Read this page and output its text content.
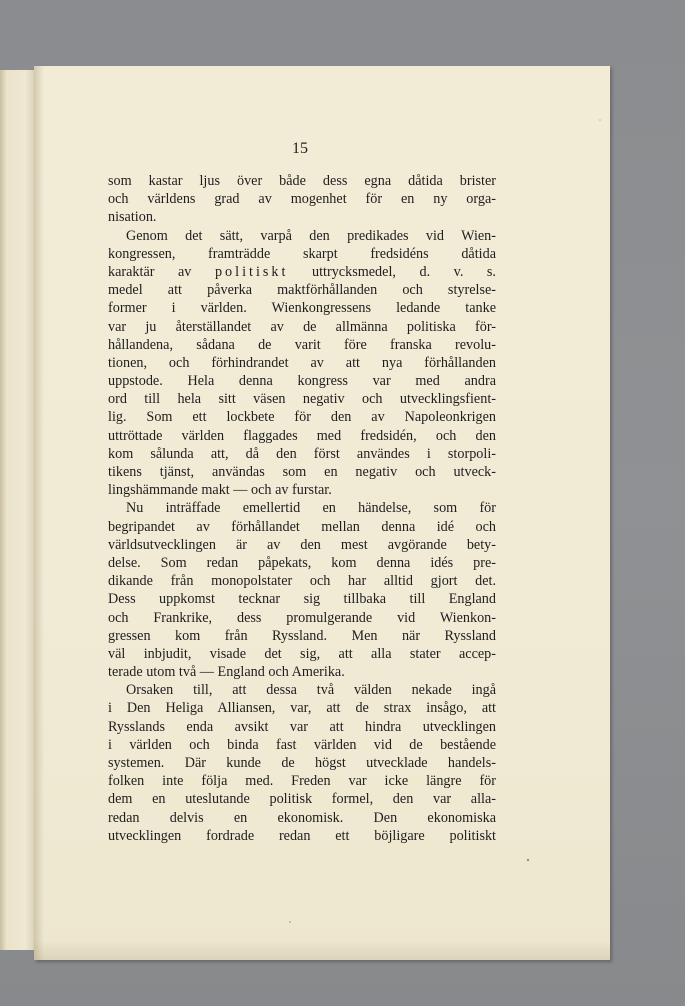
15
som kastar ljus över både dess egna dåtida brister
och världens grad av mogenhet för en ny orga-
nisation.
Genom det sätt, varpå den predikades vid Wien-
kongressen, framträdde skarpt fredsidéns dåtida
karaktär av politiskt uttrycksmedel, d. v. s.
medel att påverka maktförhållanden och styrelse-
former i världen. Wienkongressens ledande tanke
var ju återställandet av de allmänna politiska för-
hållandena, sådana de varit före franska revolu-
tionen, och förhindrandet av att nya förhållanden
uppstode. Hela denna kongress var med andra
ord till hela sitt väsen negativ och utvecklingsfient-
lig. Som ett lockbete för den av Napoleonkrigen
uttröttade världen flaggades med fredsidén, och den
kom sålunda att, då den först användes i storpoli-
tikens tjänst, användas som en negativ och utveck-
lingshämmande makt — och av furstar.
Nu inträffade emellertid en händelse, som för
begripandet av förhållandet mellan denna idé och
världsutvecklingen är av den mest avgörande bety-
delse. Som redan påpekats, kom denna idés pre-
dikande från monopolstater och har alltid gjort det.
Dess uppkomst tecknar sig tillbaka till England
och Frankrike, dess promulgerande vid Wienkon-
gressen kom från Ryssland. Men när Ryssland
väl inbjudit, visade det sig, att alla stater accep-
terade utom två — England och Amerika.
Orsaken till, att dessa två välden nekade ingå
i Den Heliga Alliansen, var, att de strax insågo, att
Rysslands enda avsikt var att hindra utvecklingen
i världen och binda fast världen vid de bestående
systemen. Där kunde de högst utvecklade handels-
folken inte följa med. Freden var icke längre för
dem en uteslutande politisk formel, den var alla-
redan delvis en ekonomisk. Den ekonomiska
utvecklingen fordrade redan ett böjligare politiskt
